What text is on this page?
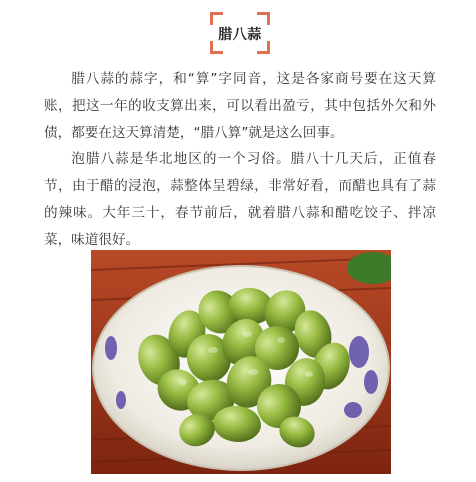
腊八蒜

腊八蒜的蒜字，和“算”字同音，这是各家商号要在这天算账，把这一年的收支算出来，可以看出盈亏，其中包括外欠和外债，都要在这天算清楚，“腊八算”就是这么回事。

泡腊八蒜是华北地区的一个习俗。腊八十几天后，正值春节，由于醋的浸泡，蒜整体呈碧绿，非常好看，而醋也具有了蒜的辣味。大年三十，春节前后，就着腊八蒜和醋吃饺子、拌凉菜，味道很好。
